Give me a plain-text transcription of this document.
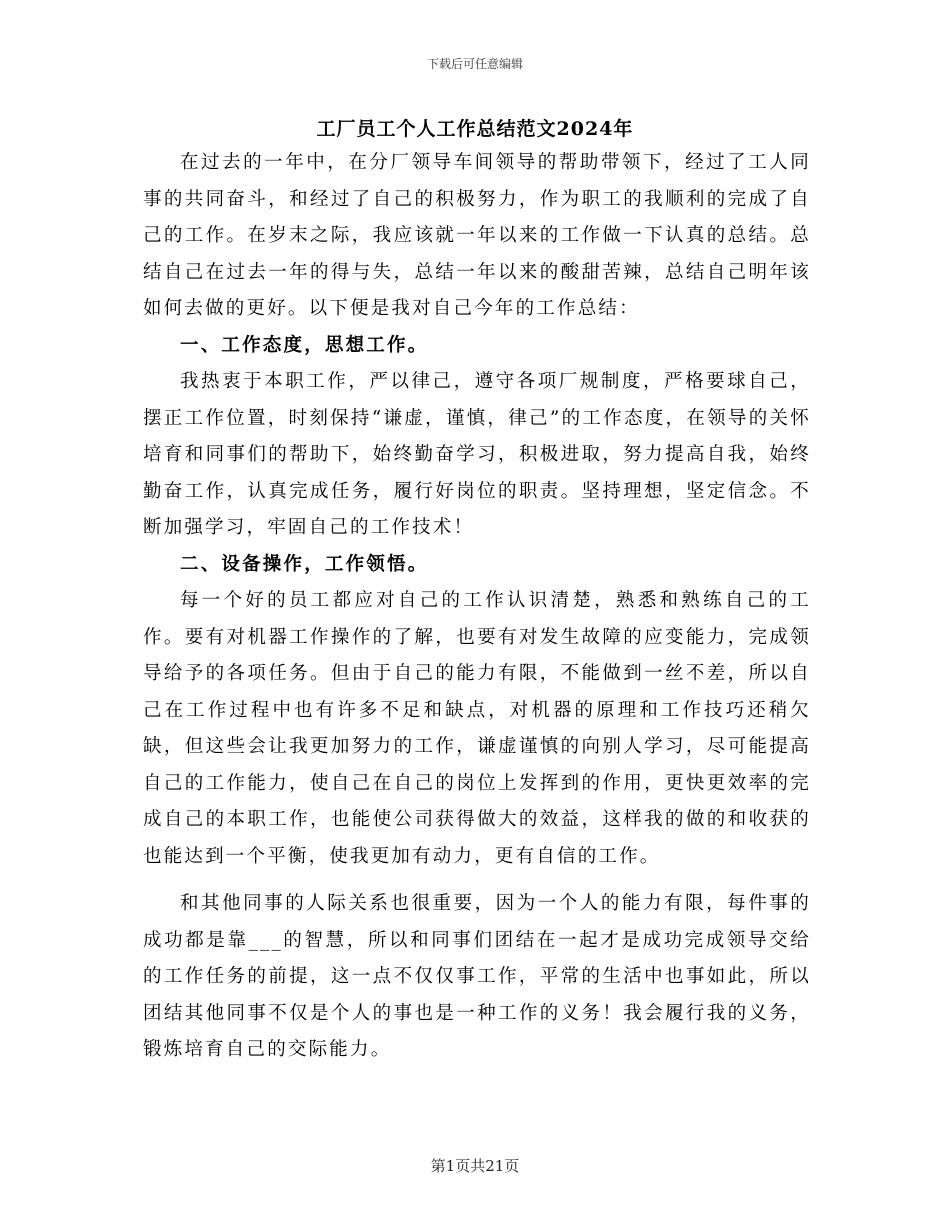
下载后可任意编辑
工厂员工个人工作总结范文2024年

在过去的一年中，在分厂领导车间领导的帮助带领下，经过了工人同事的共同奋斗，和经过了自己的积极努力，作为职工的我顺利的完成了自己的工作。在岁末之际，我应该就一年以来的工作做一下认真的总结。总结自己在过去一年的得与失，总结一年以来的酸甜苦辣，总结自己明年该如何去做的更好。以下便是我对自己今年的工作总结：

一、工作态度，思想工作。

我热衷于本职工作，严以律己，遵守各项厂规制度，严格要球自己，摆正工作位置，时刻保持“谦虚，谨慎，律己”的工作态度，在领导的关怀培育和同事们的帮助下，始终勤奋学习，积极进取，努力提高自我，始终勤奋工作，认真完成任务，履行好岗位的职责。坚持理想，坚定信念。不断加强学习，牢固自己的工作技术！

二、设备操作，工作领悟。

每一个好的员工都应对自己的工作认识清楚，熟悉和熟练自己的工作。要有对机器工作操作的了解，也要有对发生故障的应变能力，完成领导给予的各项任务。但由于自己的能力有限，不能做到一丝不差，所以自己在工作过程中也有许多不足和缺点，对机器的原理和工作技巧还稍欠缺，但这些会让我更加努力的工作，谦虚谨慎的向别人学习，尽可能提高自己的工作能力，使自己在自己的岗位上发挥到的作用，更快更效率的完成自己的本职工作，也能使公司获得做大的效益，这样我的做的和收获的也能达到一个平衡，使我更加有动力，更有自信的工作。

和其他同事的人际关系也很重要，因为一个人的能力有限，每件事的成功都是靠___的智慧，所以和同事们团结在一起才是成功完成领导交给的工作任务的前提，这一点不仅仅事工作，平常的生活中也事如此，所以团结其他同事不仅是个人的事也是一种工作的义务！我会履行我的义务，锻炼培育自己的交际能力。

第1页共21页
